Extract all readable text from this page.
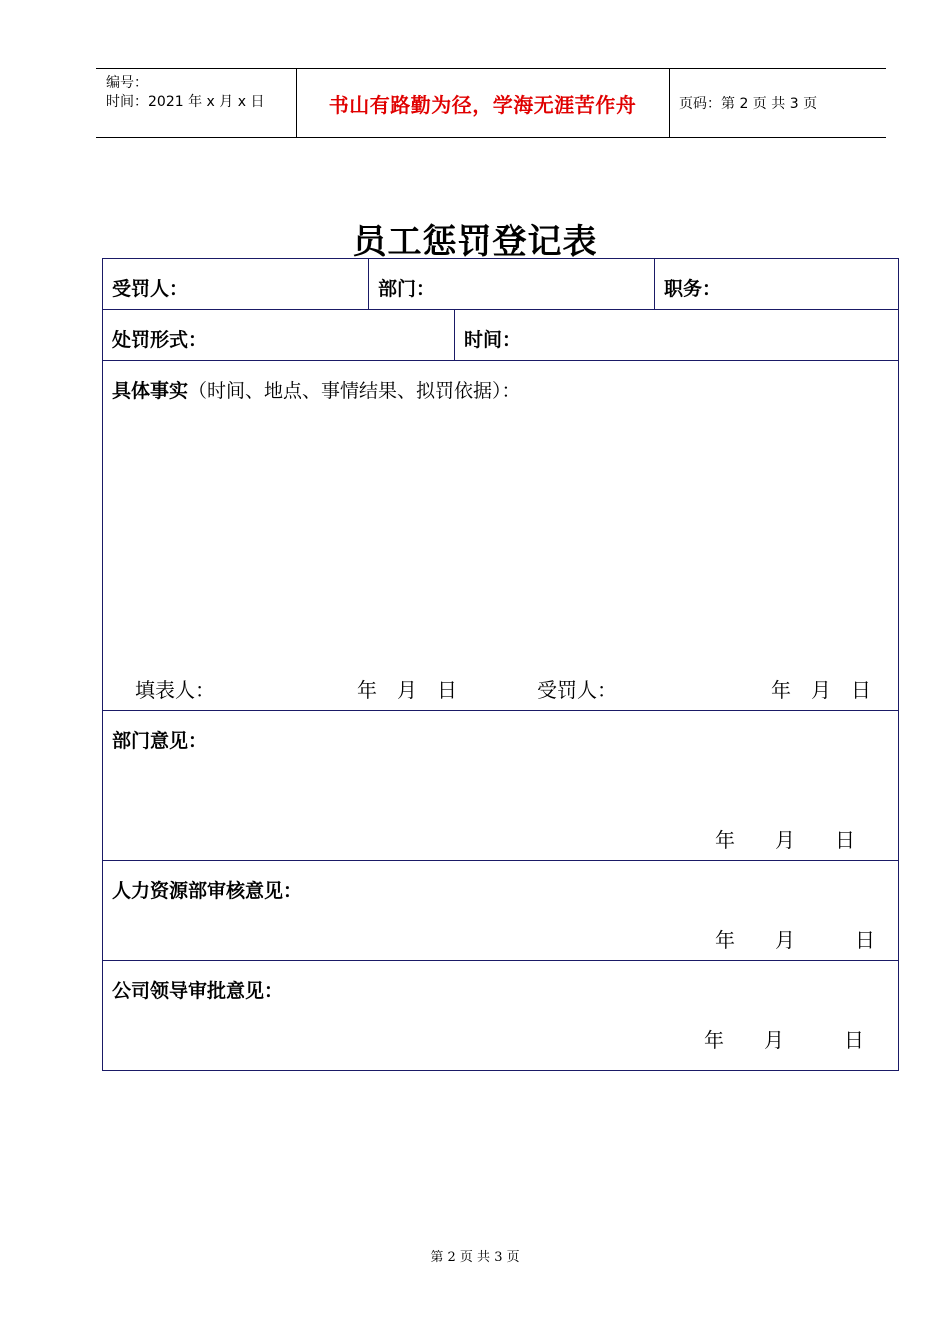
编号：
时间：2021 年 x 月 x 日	书山有路勤为径，学海无涯苦作舟	页码：第 2 页 共 3 页
员工惩罚登记表
受罚人：	部门：	职务：
处罚形式：	时间：
具体事实（时间、地点、事情结果、拟罚依据）：
填表人：	年　月　日	受罚人：	年　月　日
部门意见：
年　　月　　日
人力资源部审核意见：
年　　月　　　日
公司领导审批意见：
年　　月　　　日
第 2 页 共 3 页
